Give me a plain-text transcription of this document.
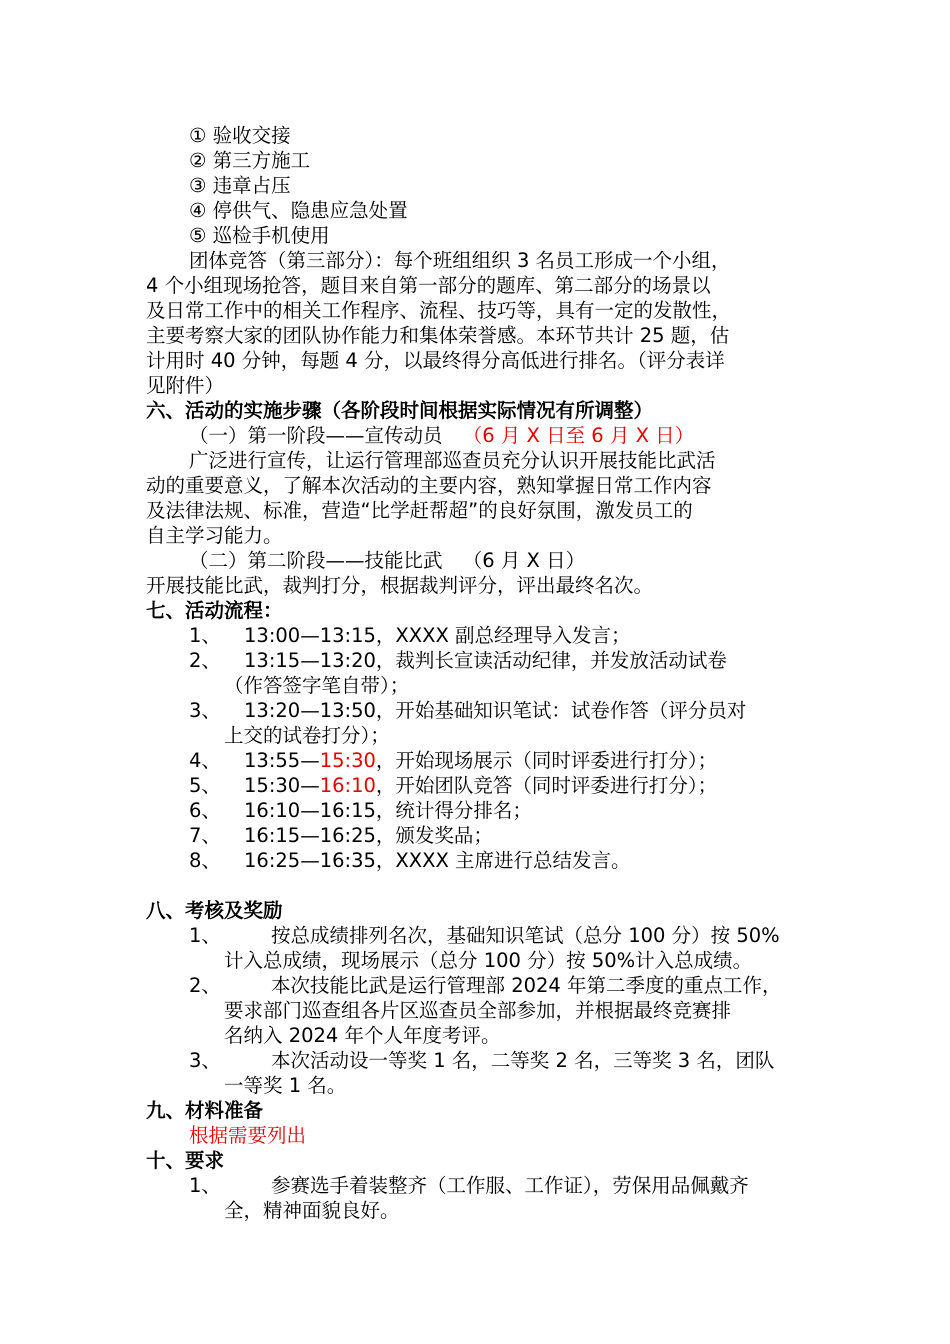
① 验收交接
② 第三方施工
③ 违章占压
④ 停供气、隐患应急处置
⑤ 巡检手机使用
团体竞答（第三部分）：每个班组组织 3 名员工形成一个小组，
4 个小组现场抢答，题目来自第一部分的题库、第二部分的场景以
及日常工作中的相关工作程序、流程、技巧等，具有一定的发散性，
主要考察大家的团队协作能力和集体荣誉感。本环节共计 25 题，估
计用时 40 分钟，每题 4 分，以最终得分高低进行排名。（评分表详
见附件）
六、活动的实施步骤（各阶段时间根据实际情况有所调整）
（一）第一阶段——宣传动员 （6 月 X 日至 6 月 X 日）
广泛进行宣传，让运行管理部巡查员充分认识开展技能比武活
动的重要意义，了解本次活动的主要内容，熟知掌握日常工作内容
及法律法规、标准，营造“比学赶帮超”的良好氛围，激发员工的
自主学习能力。
（二）第二阶段——技能比武 （6 月 X 日）
开展技能比武，裁判打分，根据裁判评分，评出最终名次。
七、活动流程：
1、 13:00—13:15，XXXX 副总经理导入发言；
2、 13:15—13:20，裁判长宣读活动纪律，并发放活动试卷
（作答签字笔自带）；
3、 13:20—13:50，开始基础知识笔试：试卷作答（评分员对
上交的试卷打分）；
4、 13:55—15:30，开始现场展示（同时评委进行打分）；
5、 15:30—16:10，开始团队竞答（同时评委进行打分）；
6、 16:10—16:15，统计得分排名；
7、 16:15—16:25，颁发奖品；
8、 16:25—16:35，XXXX 主席进行总结发言。
八、考核及奖励
1、	按总成绩排列名次，基础知识笔试（总分 100 分）按 50%
计入总成绩，现场展示（总分 100 分）按 50%计入总成绩。
2、	本次技能比武是运行管理部 2024 年第二季度的重点工作，
要求部门巡查组各片区巡查员全部参加，并根据最终竞赛排
名纳入 2024 年个人年度考评。
3、	本次活动设一等奖 1 名，二等奖 2 名，三等奖 3 名，团队
一等奖 1 名。
九、材料准备
根据需要列出
十、要求
1、	参赛选手着装整齐（工作服、工作证），劳保用品佩戴齐
全，精神面貌良好。
